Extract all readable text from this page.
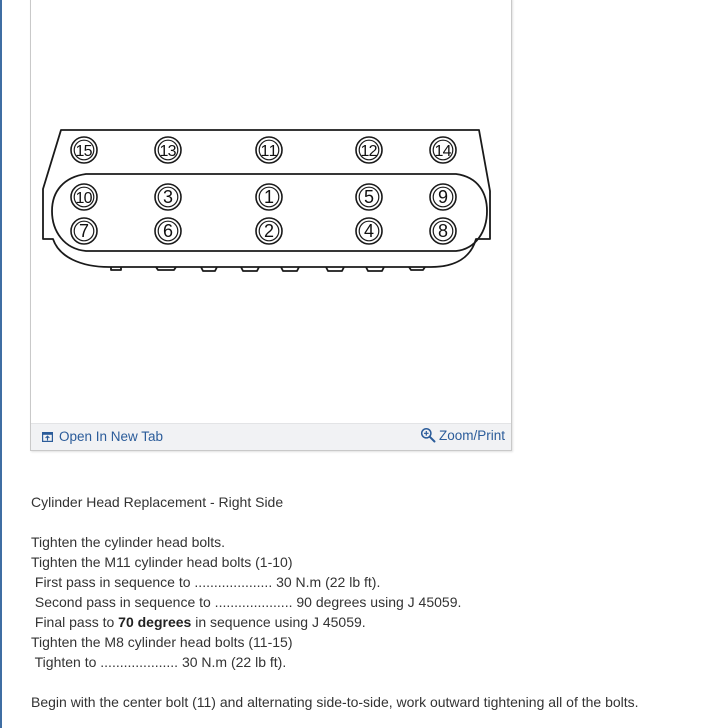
15	13	11	12	14
10	3	1	5	9
7	6	2	4	8
Open In New Tab	Zoom/Print
Cylinder Head Replacement - Right Side
Tighten the cylinder head bolts.
Tighten the M11 cylinder head bolts (1-10)
First pass in sequence to .................... 30 N.m (22 lb ft).
Second pass in sequence to .................... 90 degrees using J 45059.
Final pass to 70 degrees in sequence using J 45059.
Tighten the M8 cylinder head bolts (11-15)
Tighten to .................... 30 N.m (22 lb ft).
Begin with the center bolt (11) and alternating side-to-side, work outward tightening all of the bolts.
